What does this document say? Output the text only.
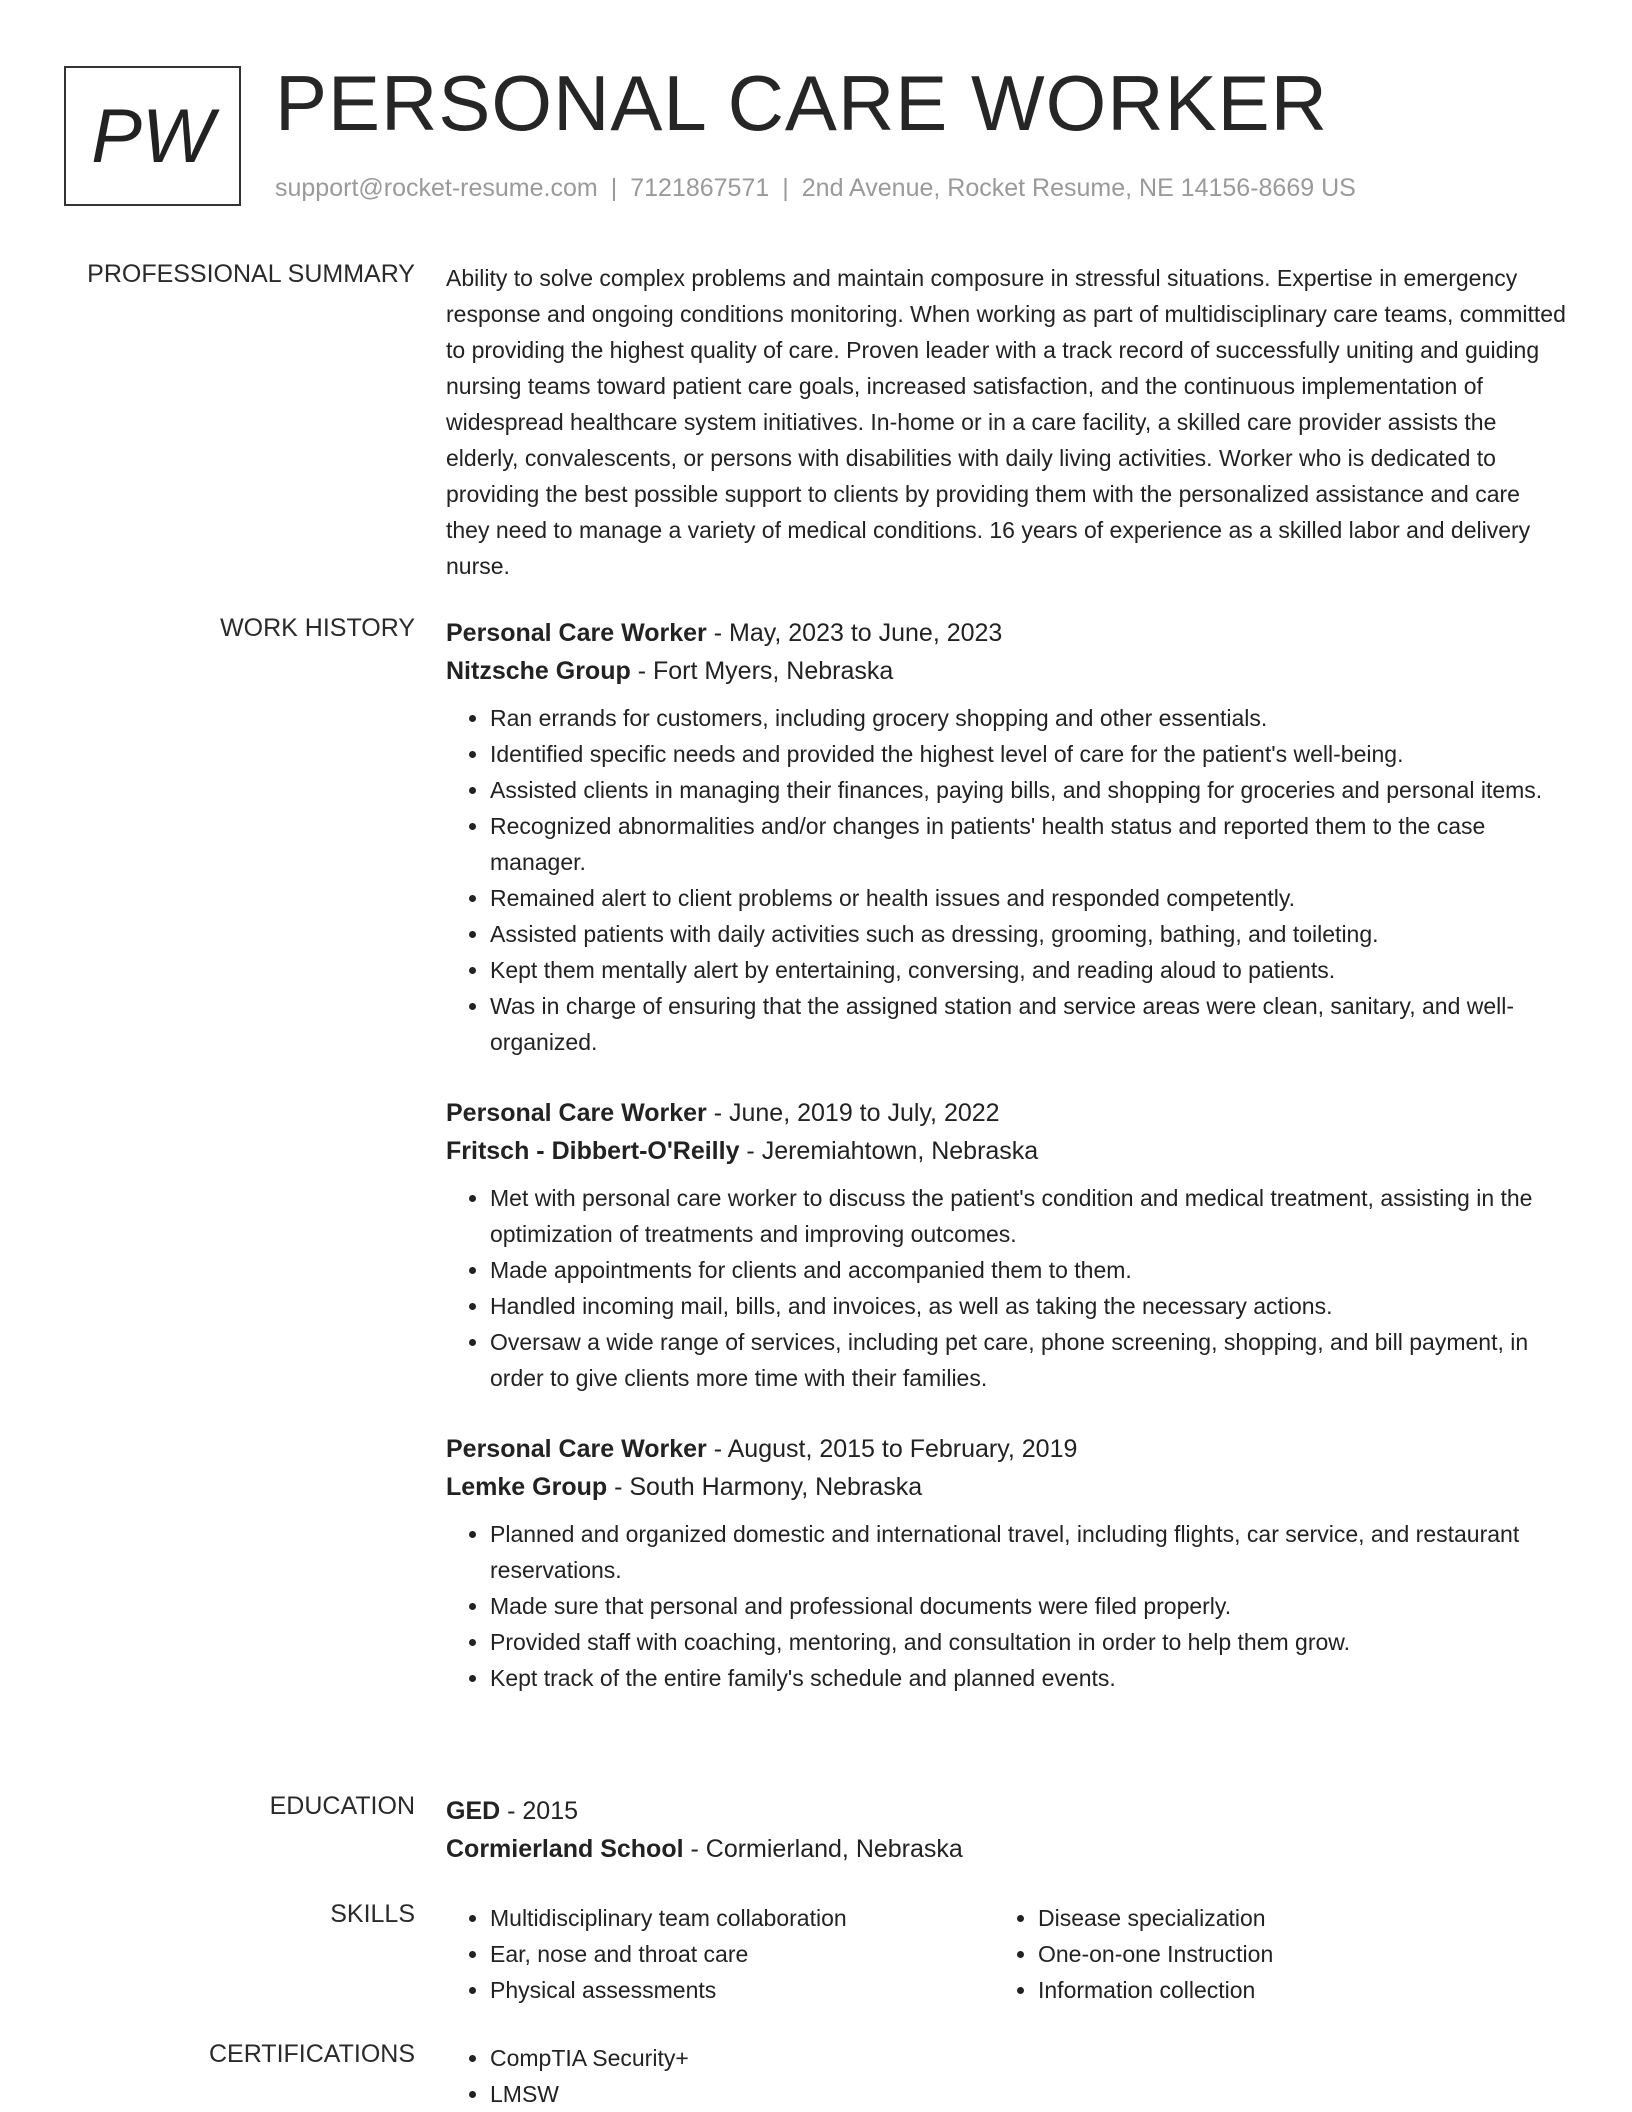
PW PERSONAL CARE WORKER
support@rocket-resume.com | 7121867571 | 2nd Avenue, Rocket Resume, NE 14156-8669 US
PROFESSIONAL SUMMARY Ability to solve complex problems and maintain composure in stressful situations. Expertise in emergency response and ongoing conditions monitoring. When working as part of multidisciplinary care teams, committed to providing the highest quality of care. Proven leader with a track record of successfully uniting and guiding nursing teams toward patient care goals, increased satisfaction, and the continuous implementation of widespread healthcare system initiatives. In-home or in a care facility, a skilled care provider assists the elderly, convalescents, or persons with disabilities with daily living activities. Worker who is dedicated to providing the best possible support to clients by providing them with the personalized assistance and care they need to manage a variety of medical conditions. 16 years of experience as a skilled labor and delivery nurse.

WORK HISTORY Personal Care Worker - May, 2023 to June, 2023
Nitzsche Group - Fort Myers, Nebraska
• Ran errands for customers, including grocery shopping and other essentials.
• Identified specific needs and provided the highest level of care for the patient's well-being.
• Assisted clients in managing their finances, paying bills, and shopping for groceries and personal items.
• Recognized abnormalities and/or changes in patients' health status and reported them to the case manager.
• Remained alert to client problems or health issues and responded competently.
• Assisted patients with daily activities such as dressing, grooming, bathing, and toileting.
• Kept them mentally alert by entertaining, conversing, and reading aloud to patients.
• Was in charge of ensuring that the assigned station and service areas were clean, sanitary, and well-organized.
Personal Care Worker - June, 2019 to July, 2022
Fritsch - Dibbert-O'Reilly - Jeremiahtown, Nebraska
• Met with personal care worker to discuss the patient's condition and medical treatment, assisting in the optimization of treatments and improving outcomes.
• Made appointments for clients and accompanied them to them.
• Handled incoming mail, bills, and invoices, as well as taking the necessary actions.
• Oversaw a wide range of services, including pet care, phone screening, shopping, and bill payment, in order to give clients more time with their families.
Personal Care Worker - August, 2015 to February, 2019
Lemke Group - South Harmony, Nebraska
• Planned and organized domestic and international travel, including flights, car service, and restaurant reservations.
• Made sure that personal and professional documents were filed properly.
• Provided staff with coaching, mentoring, and consultation in order to help them grow.
• Kept track of the entire family's schedule and planned events.
EDUCATION GED - 2015
Cormierland School - Cormierland, Nebraska
SKILLS	• Multidisciplinary team collaboration
• Ear, nose and throat care
• Physical assessments
• Disease specialization
• One-on-one Instruction
• Information collection
CERTIFICATIONS	• CompTIA Security+
• LMSW
